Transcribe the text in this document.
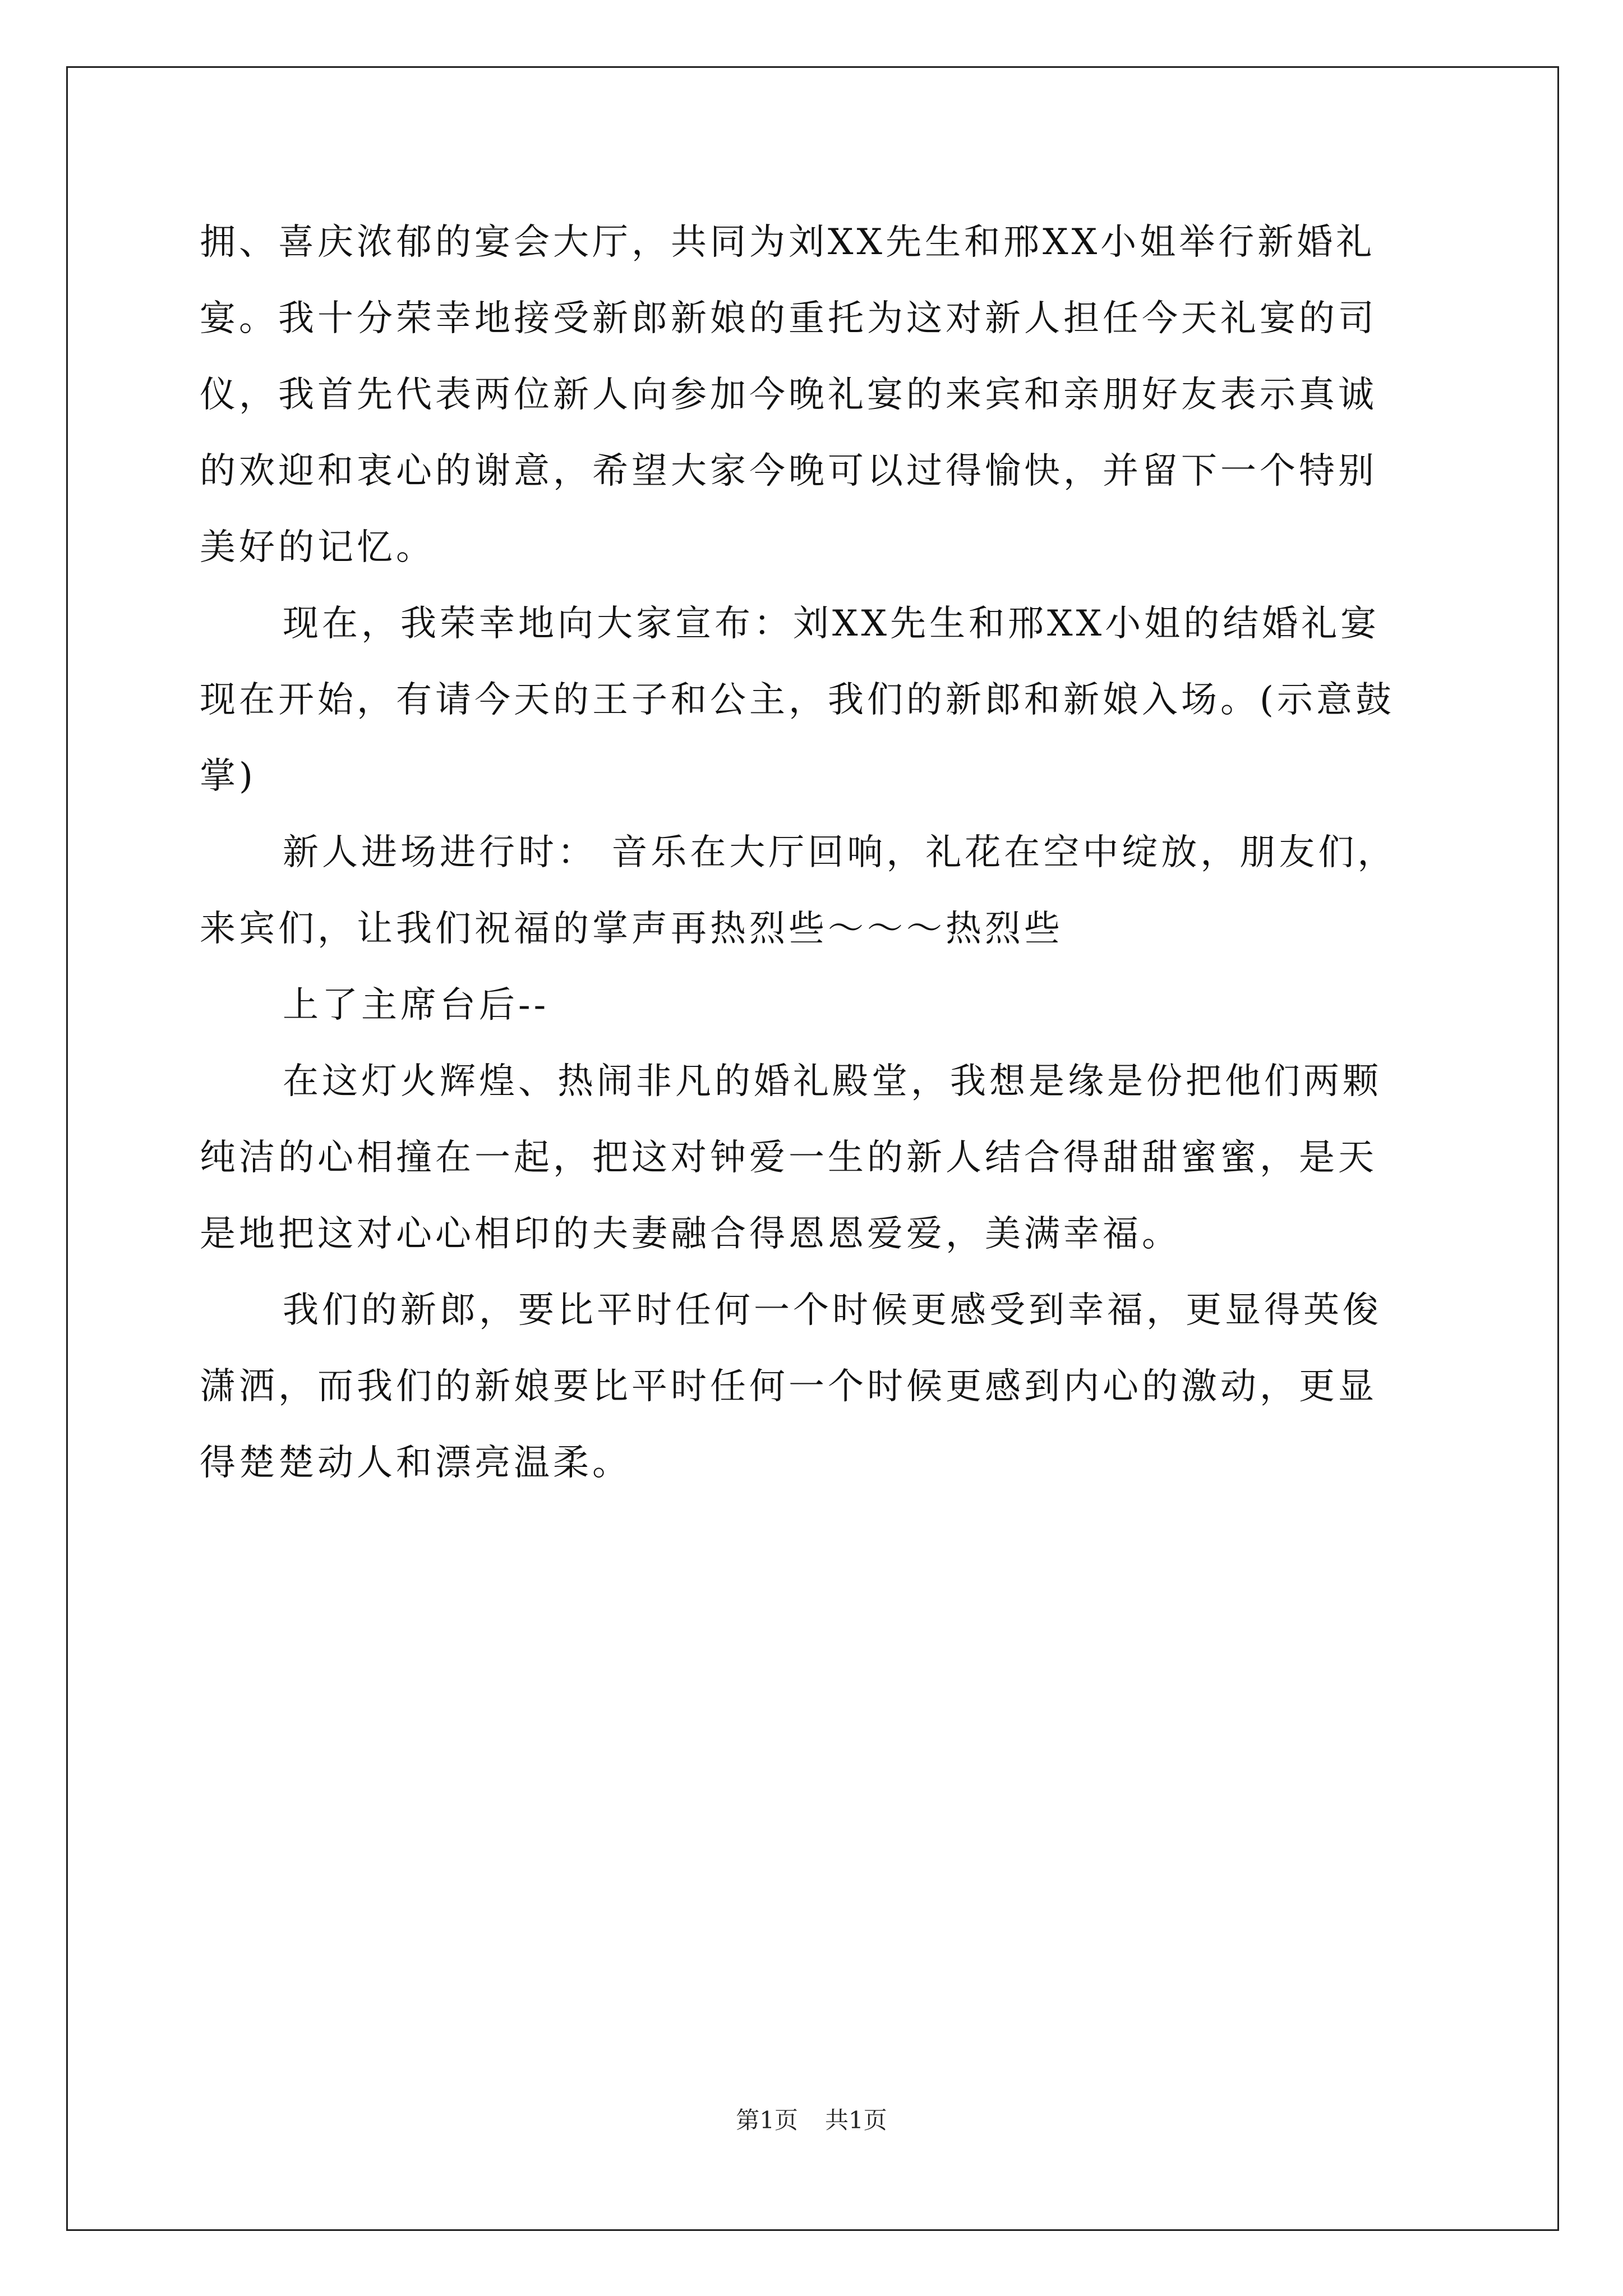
拥、喜庆浓郁的宴会大厅，共同为刘XX先生和邢XX小姐举行新婚礼
宴。我十分荣幸地接受新郎新娘的重托为这对新人担任今天礼宴的司
仪，我首先代表两位新人向参加今晚礼宴的来宾和亲朋好友表示真诚
的欢迎和衷心的谢意，希望大家今晚可以过得愉快，并留下一个特别
美好的记忆。
现在，我荣幸地向大家宣布：刘XX先生和邢XX小姐的结婚礼宴
现在开始，有请今天的王子和公主，我们的新郎和新娘入场。(示意鼓
掌)
新人进场进行时： 音乐在大厅回响，礼花在空中绽放，朋友们，
来宾们，让我们祝福的掌声再热烈些～～～热烈些
上了主席台后--
在这灯火辉煌、热闹非凡的婚礼殿堂，我想是缘是份把他们两颗
纯洁的心相撞在一起，把这对钟爱一生的新人结合得甜甜蜜蜜，是天
是地把这对心心相印的夫妻融合得恩恩爱爱，美满幸福。
我们的新郎，要比平时任何一个时候更感受到幸福，更显得英俊
潇洒，而我们的新娘要比平时任何一个时候更感到内心的激动，更显
得楚楚动人和漂亮温柔。
第1页 共1页
